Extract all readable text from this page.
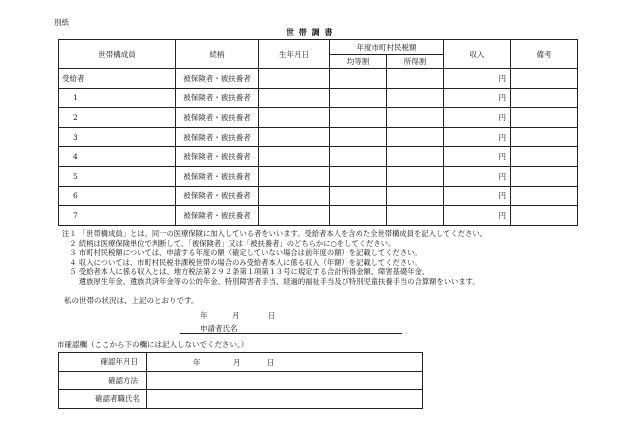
別紙
世 帯 調 書
世帯構成員	続柄	生年月日	年度市町村民税額		収入	備考
			均等割	所得割		
受給者	被保険者・被扶養者				円	
1	被保険者・被扶養者				円	
2	被保険者・被扶養者				円	
3	被保険者・被扶養者				円	
4	被保険者・被扶養者				円	
5	被保険者・被扶養者				円	
6	被保険者・被扶養者				円	
7	被保険者・被扶養者				円	
注１ 「世帯構成員」とは、同一の医療保険に加入している者をいいます。受給者本人を含めた全世帯構成員を記入してください。
　２ 続柄は医療保険単位で判断して、「被保険者」又は「被扶養者」のどちらかに○をしてください。
　３ 市町村民税額については、申請する年度の額（確定していない場合は前年度の額）を記載してください。
　４ 収入については、市町村民税非課税世帯の場合のみ受給者本人に係る収入（年額）を記載してください。
　５ 受給者本人に係る収入とは、地方税法第２９２条第１項第１３号に規定する合計所得金額、障害基礎年金、
　　 遺族厚生年金、遺族共済年金等の公的年金、特別障害者手当、経過的福祉手当及び特別児童扶養手当の合算額をいいます。
私の世帯の状況は、上記のとおりです。
年	月	日
申請者氏名
市確認欄（ここから下の欄には記入しないでください。）
確認年月日	年 月 日

確認方法	
確認者職氏名	
